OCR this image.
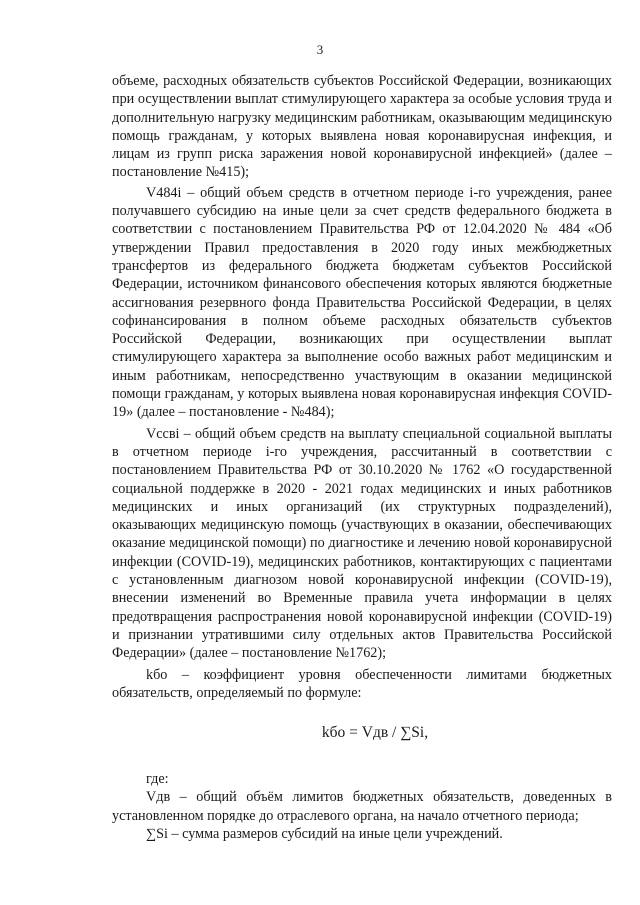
3

объеме, расходных обязательств субъектов Российской Федерации, возникающих при осуществлении выплат стимулирующего характера за особые условия труда и дополнительную нагрузку медицинским работникам, оказывающим медицинскую помощь гражданам, у которых выявлена новая коронавирусная инфекция, и лицам из групп риска заражения новой коронавирусной инфекцией» (далее – постановление №415);

V484i – общий объем средств в отчетном периоде i-го учреждения, ранее получавшего субсидию на иные цели за счет средств федерального бюджета в соответствии с постановлением Правительства РФ от 12.04.2020 № 484 «Об утверждении Правил предоставления в 2020 году иных межбюджетных трансфертов из федерального бюджета бюджетам субъектов Российской Федерации, источником финансового обеспечения которых являются бюджетные ассигнования резервного фонда Правительства Российской Федерации, в целях софинансирования в полном объеме расходных обязательств субъектов Российской Федерации, возникающих при осуществлении выплат стимулирующего характера за выполнение особо важных работ медицинским и иным работникам, непосредственно участвующим в оказании медицинской помощи гражданам, у которых выявлена новая коронавирусная инфекция COVID-19» (далее – постановление - №484);

Vссвi – общий объем средств на выплату специальной социальной выплаты в отчетном периоде i-го учреждения, рассчитанный в соответствии с постановлением Правительства РФ от 30.10.2020 № 1762 «О государственной социальной поддержке в 2020 - 2021 годах медицинских и иных работников медицинских и иных организаций (их структурных подразделений), оказывающих медицинскую помощь (участвующих в оказании, обеспечивающих оказание медицинской помощи) по диагностике и лечению новой коронавирусной инфекции (COVID-19), медицинских работников, контактирующих с пациентами с установленным диагнозом новой коронавирусной инфекции (COVID-19), внесении изменений во Временные правила учета информации в целях предотвращения распространения новой коронавирусной инфекции (COVID-19) и признании утратившими силу отдельных актов Правительства Российской Федерации» (далее – постановление №1762);

kбо – коэффициент уровня обеспеченности лимитами бюджетных обязательств, определяемый по формуле:

kбо = Vдв / ∑Si,

где:

Vдв – общий объём лимитов бюджетных обязательств, доведенных в установленном порядке до отраслевого органа, на начало отчетного периода;

∑Si – сумма размеров субсидий на иные цели учреждений.
